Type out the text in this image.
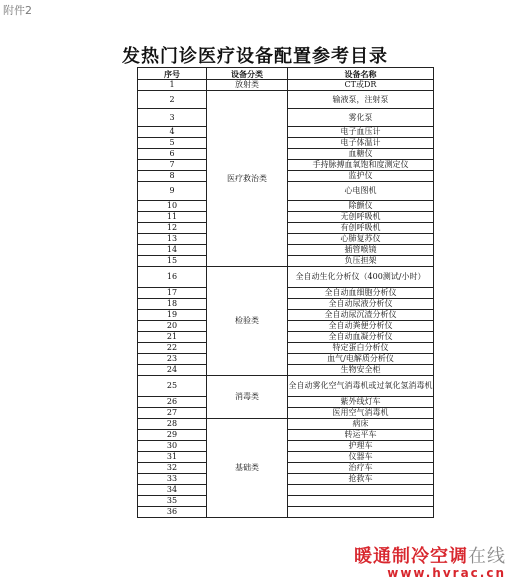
附件2
发热门诊医疗设备配置参考目录
序号	设备分类	设备名称
1	放射类	CT或DR
2	医疗救治类	输液泵，注射泵
3		雾化泵
4		电子血压计
5		电子体温计
6		血糖仪
7		手持脉搏血氧饱和度测定仪
8		监护仪
9		心电图机
10		除颤仪
11		无创呼吸机
12		有创呼吸机
13		心肺复苏仪
14		插管喉镜
15		负压担架
16	检验类	全自动生化分析仪（400测试/小时）
17		全自动血细胞分析仪
18		全自动尿液分析仪
19		全自动尿沉渣分析仪
20		全自动粪便分析仪
21		全自动血凝分析仪
22		特定蛋白分析仪
23		血气/电解质分析仪
24		生物安全柜
25	消毒类	全自动雾化空气消毒机或过氧化氢消毒机
26		紫外线灯车
27		医用空气消毒机
28	基础类	病床
29		转运平车
30		护理车
31		仪器车
32		治疗车
33		抢救车
34		
35		
36		
暖通制冷空调在线
www.hvrac.cn
